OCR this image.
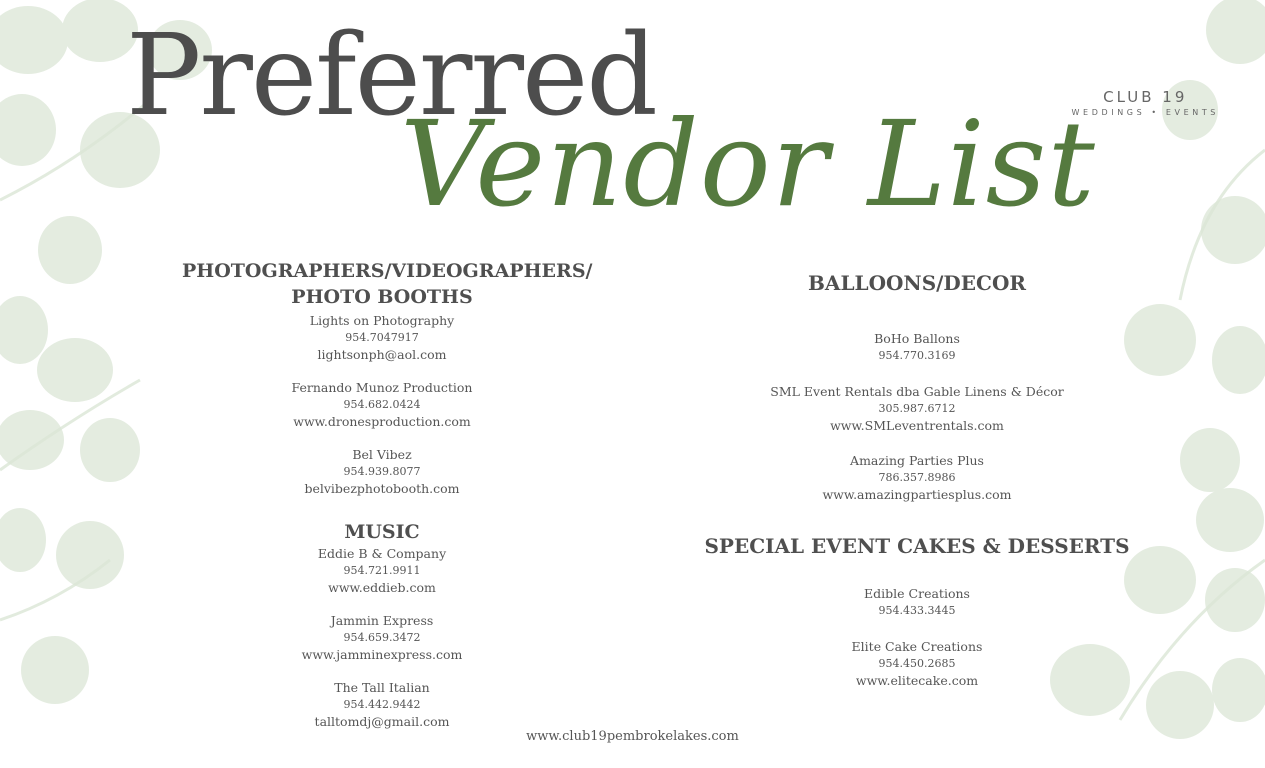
Preferred
Vendor List CLUB 19
WEDDINGS • EVENTS
PHOTOGRAPHERS/VIDEOGRAPHERS/
PHOTO BOOTHS
Lights on Photography
954.7047917
lightsonph@aol.com
Fernando Munoz Production
954.682.0424
www.dronesproduction.com
Bel Vibez
954.939.8077
belvibezphotobooth.com
MUSIC
Eddie B & Company
954.721.9911
www.eddieb.com
Jammin Express
954.659.3472
www.jamminexpress.com
The Tall Italian
954.442.9442
talltomdj@gmail.com
BALLOONS/DECOR
BoHo Ballons
954.770.3169
SML Event Rentals dba Gable Linens & Décor
305.987.6712
www.SMLeventrentals.com
Amazing Parties Plus
786.357.8986
www.amazingpartiesplus.com
SPECIAL EVENT CAKES & DESSERTS
Edible Creations
954.433.3445
Elite Cake Creations
954.450.2685
www.elitecake.com
www.club19pembrokelakes.com
